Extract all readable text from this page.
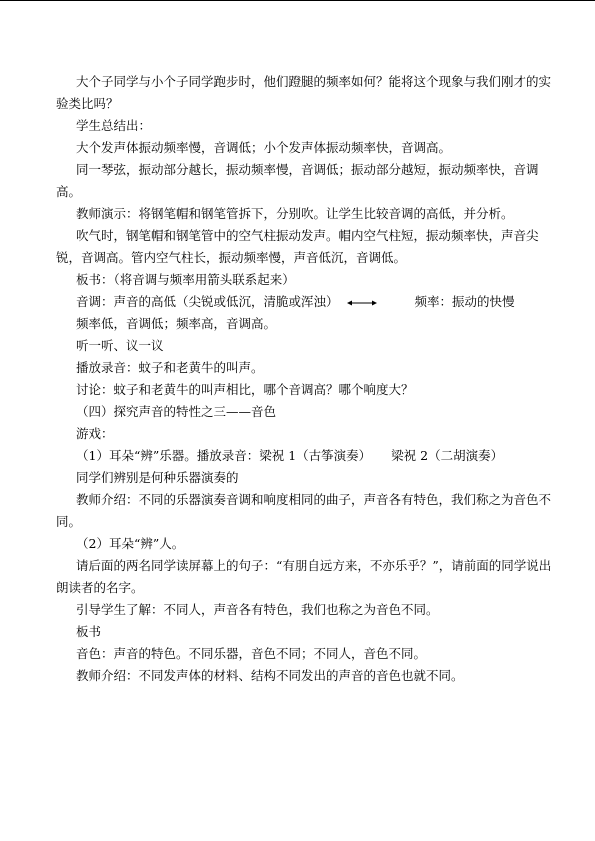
大个子同学与小个子同学跑步时，他们蹬腿的频率如何？能将这个现象与我们刚才的实
验类比吗？
学生总结出：
大个发声体振动频率慢，音调低；小个发声体振动频率快，音调高。
同一琴弦，振动部分越长，振动频率慢，音调低；振动部分越短，振动频率快，音调
高。
教师演示：将钢笔帽和钢笔管拆下，分别吹。让学生比较音调的高低，并分析。
吹气时，钢笔帽和钢笔管中的空气柱振动发声。帽内空气柱短，振动频率快，声音尖
锐，音调高。管内空气柱长，振动频率慢，声音低沉，音调低。
板书：（将音调与频率用箭头联系起来）
音调：声音的高低（尖锐或低沉，清脆或浑浊）	频率：振动的快慢
频率低，音调低；频率高，音调高。
听一听、议一议
播放录音：蚊子和老黄牛的叫声。
讨论：蚊子和老黄牛的叫声相比，哪个音调高？哪个响度大？
（四）探究声音的特性之三——音色
游戏：
（1）耳朵“辨”乐器。播放录音：梁祝 1（古筝演奏） 梁祝 2（二胡演奏）
同学们辨别是何种乐器演奏的
教师介绍：不同的乐器演奏音调和响度相同的曲子，声音各有特色，我们称之为音色不
同。
（2）耳朵“辨”人。
请后面的两名同学读屏幕上的句子：“有朋自远方来，不亦乐乎？”，请前面的同学说出
朗读者的名字。
引导学生了解：不同人，声音各有特色，我们也称之为音色不同。
板书
音色：声音的特色。不同乐器，音色不同；不同人，音色不同。
教师介绍：不同发声体的材料、结构不同发出的声音的音色也就不同。
